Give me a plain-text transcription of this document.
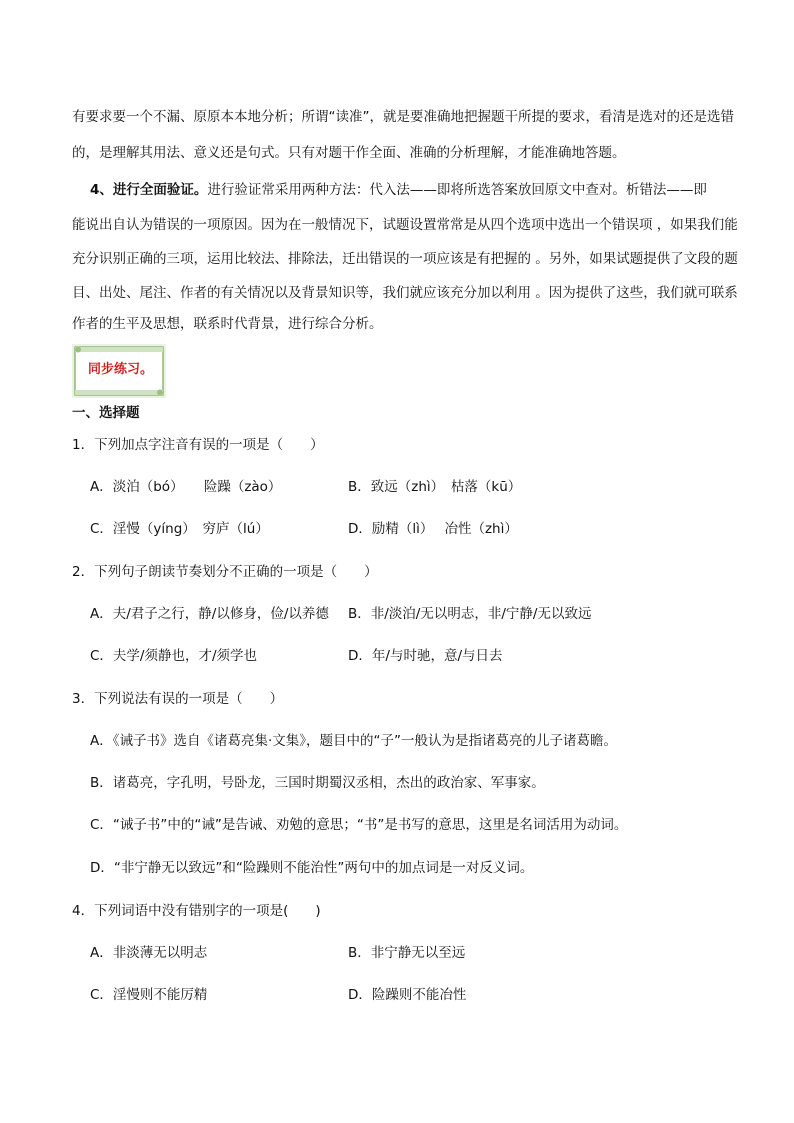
有要求要一个不漏、原原本本地分析；所谓“读准”，就是要准确地把握题干所提的要求，看清是选对的还是选错
的，是理解其用法、意义还是句式。只有对题干作全面、准确的分析理解，才能准确地答题。
4、进行全面验证。进行验证常采用两种方法：代入法——即将所选答案放回原文中查对。析错法——即
能说出自认为错误的一项原因。因为在一般情况下，试题设置常常是从四个选项中选出一个错误项 ，如果我们能
充分识别正确的三项，运用比较法、排除法，迁出错误的一项应该是有把握的 。另外，如果试题提供了文段的题
目、出处、尾注、作者的有关情况以及背景知识等，我们就应该充分加以利用 。因为提供了这些，我们就可联系
作者的生平及思想，联系时代背景，进行综合分析。
同步练习。
一、选择题
1．下列加点字注音有误的一项是（　　）
A．淡泊（bó）　　险躁（zào）	B．致远（zhì）　枯落（kū）
C．淫慢（yíng）　穷庐（lú）	D．励精（lì）　 冶性（zhì）
2．下列句子朗读节奏划分不正确的一项是（　　）
A．夫/君子之行，静/以修身，俭/以养德 B．非/淡泊/无以明志，非/宁静/无以致远
C．夫学/须静也，才/须学也	D．年/与时驰，意/与日去
3．下列说法有误的一项是（　　）
A．《诫子书》选自《诸葛亮集·文集》，题目中的“子”一般认为是指诸葛亮的儿子诸葛瞻。
B．诸葛亮，字孔明，号卧龙，三国时期蜀汉丞相，杰出的政治家、军事家。
C．“诫子书”中的“诫”是告诫、劝勉的意思；“书”是书写的意思，这里是名词活用为动词。
D．“非宁静无以致远”和“险躁则不能治性”两句中的加点词是一对反义词。
4．下列词语中没有错别字的一项是(　　)
A．非淡薄无以明志	B．非宁静无以至远
C．淫慢则不能厉精	D．险躁则不能冶性
